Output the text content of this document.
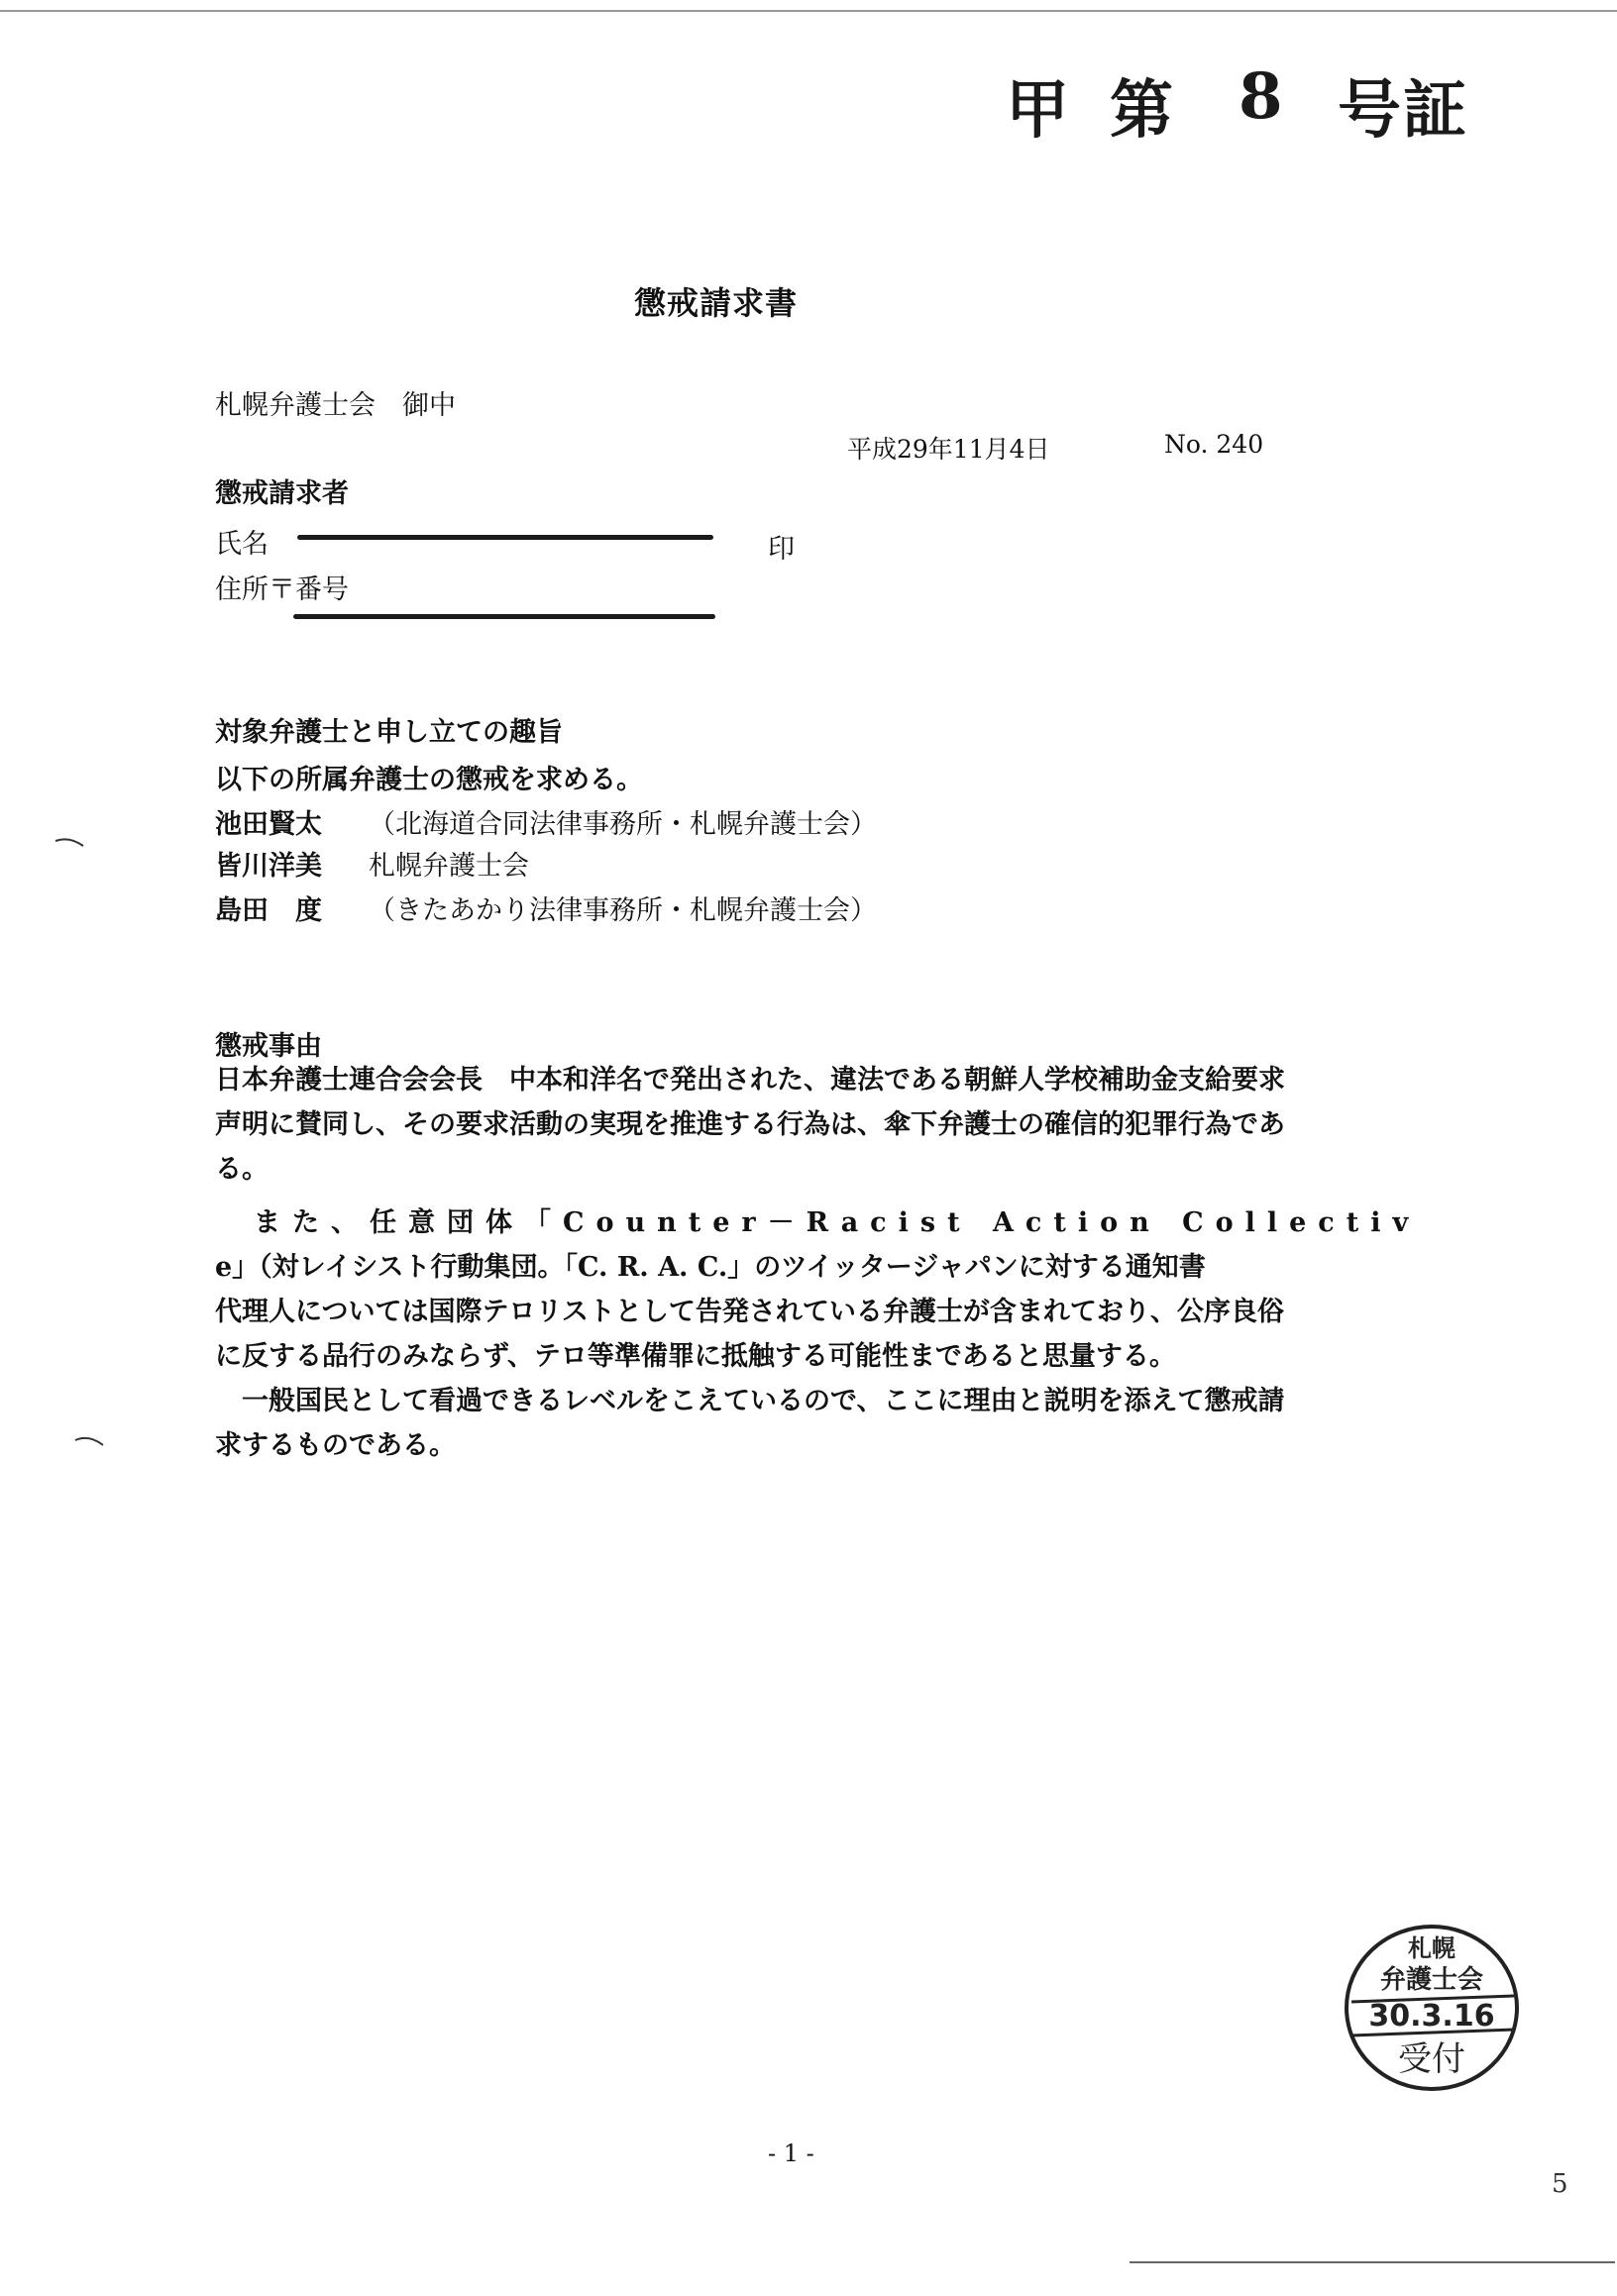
甲 第 8 号証
懲戒請求書
札幌弁護士会　御中
平成29年11月4日	No. 240
懲戒請求者
氏名	印
住所〒番号
対象弁護士と申し立ての趣旨
以下の所属弁護士の懲戒を求める。
池田賢太 （北海道合同法律事務所・札幌弁護士会）
皆川洋美 札幌弁護士会
島田　度 （きたあかり法律事務所・札幌弁護士会）
懲戒事由
日本弁護士連合会会長　中本和洋名で発出された、違法である朝鮮人学校補助金支給要求
声明に賛同し、その要求活動の実現を推進する行為は、傘下弁護士の確信的犯罪行為であ
る。
　また、任意団体「Counter－Racist Action Collectiv
e」（対レイシスト行動集団。「C. R. A. C.」のツイッタージャパンに対する通知書
代理人については国際テロリストとして告発されている弁護士が含まれており、公序良俗
に反する品行のみならず、テロ等準備罪に抵触する可能性まであると思量する。
　一般国民として看過できるレベルをこえているので、ここに理由と説明を添えて懲戒請
求するものである。
札幌
弁護士会
30.3.16
受付
- 1 -
5
